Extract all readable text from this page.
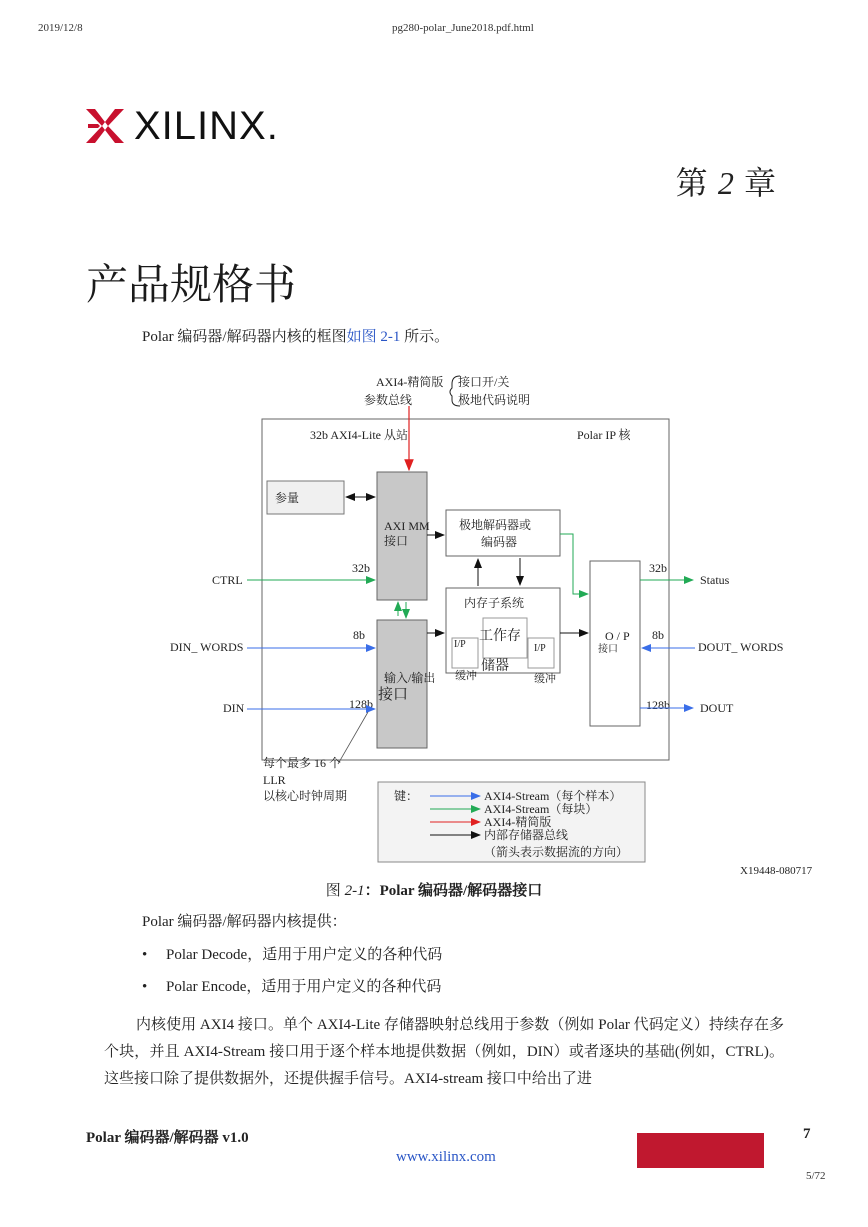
2019/12/8	pg280-polar_June2018.pdf.html
XILINX.
第 2 章
产品规格书
Polar 编码器/解码器内核的框图如图 2-1 所示。
AXI4-精简版
参数总线
接口开/关
极地代码说明
32b AXI4-Lite 从站	Polar IP 核
参量
AXI MM
接口
极地解码器或
编码器
内存子系统
工作存
储器
I/P
缓冲
I/P
缓冲
输入/输出
接口
O / P
接口
32b
8b
128b
32b
8b
128b
CTRL
DIN_ WORDS
DIN
Status
DOUT_ WORDS
DOUT
每个最多 16 个
LLR
以核心时钟周期	键：	AXI4-Stream（每个样本）
AXI4-Stream（每块）
AXI4-精简版
内部存储器总线
（箭头表示数据流的方向）
X19448-080717
图 2-1：Polar 编码器/解码器接口
Polar 编码器/解码器内核提供：
• Polar Decode，适用于用户定义的各种代码
• Polar Encode，适用于用户定义的各种代码
内核使用 AXI4 接口。单个 AXI4-Lite 存储器映射总线用于参数（例如 Polar 代码定义）持续存在多个块，并且 AXI4-Stream 接口用于逐个样本地提供数据（例如，DIN）或者逐块的基础(例如，CTRL)。这些接口除了提供数据外，还提供握手信号。AXI4-stream 接口中给出了进
Polar 编码器/解码器 v1.0
www.xilinx.com
7
5/72
